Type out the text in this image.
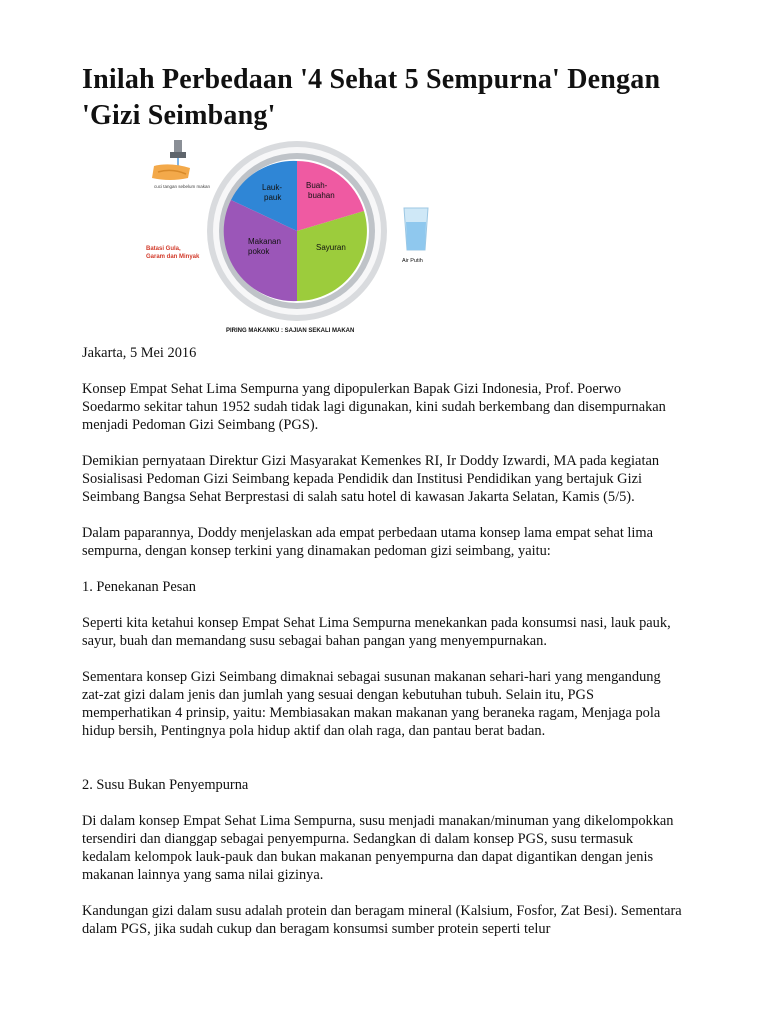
Inilah Perbedaan '4 Sehat 5 Sempurna' Dengan 'Gizi Seimbang'
cuci tangan sebelum makan
Batasi Gula, Garam dan Minyak
Lauk-pauk
Buah-buahan
Makanan pokok	Sayuran
Air Putih
PIRING MAKANKU : SAJIAN SEKALI MAKAN

Jakarta, 5 Mei 2016

Konsep Empat Sehat Lima Sempurna yang dipopulerkan Bapak Gizi Indonesia, Prof. Poerwo Soedarmo sekitar tahun 1952 sudah tidak lagi digunakan, kini sudah berkembang dan disempurnakan menjadi Pedoman Gizi Seimbang (PGS).

Demikian pernyataan Direktur Gizi Masyarakat Kemenkes RI, Ir Doddy Izwardi, MA pada kegiatan Sosialisasi Pedoman Gizi Seimbang kepada Pendidik dan Institusi Pendidikan yang bertajuk Gizi Seimbang Bangsa Sehat Berprestasi di salah satu hotel di kawasan Jakarta Selatan, Kamis (5/5).

Dalam paparannya, Doddy menjelaskan ada empat perbedaan utama konsep lama empat sehat lima sempurna, dengan konsep terkini yang dinamakan pedoman gizi seimbang, yaitu:

1. Penekanan Pesan

Seperti kita ketahui konsep Empat Sehat Lima Sempurna menekankan pada konsumsi nasi, lauk pauk, sayur, buah dan memandang susu sebagai bahan pangan yang menyempurnakan.

Sementara konsep Gizi Seimbang dimaknai sebagai susunan makanan sehari-hari yang mengandung zat-zat gizi dalam jenis dan jumlah yang sesuai dengan kebutuhan tubuh. Selain itu, PGS memperhatikan 4 prinsip, yaitu: Membiasakan makan makanan yang beraneka ragam, Menjaga pola hidup bersih, Pentingnya pola hidup aktif dan olah raga, dan pantau berat badan.

2. Susu Bukan Penyempurna

Di dalam konsep Empat Sehat Lima Sempurna, susu menjadi manakan/minuman yang dikelompokkan tersendiri dan dianggap sebagai penyempurna. Sedangkan di dalam konsep PGS, susu termasuk kedalam kelompok lauk-pauk dan bukan makanan penyempurna dan dapat digantikan dengan jenis makanan lainnya yang sama nilai gizinya.

Kandungan gizi dalam susu adalah protein dan beragam mineral (Kalsium, Fosfor, Zat Besi). Sementara dalam PGS, jika sudah cukup dan beragam konsumsi sumber protein seperti telur
